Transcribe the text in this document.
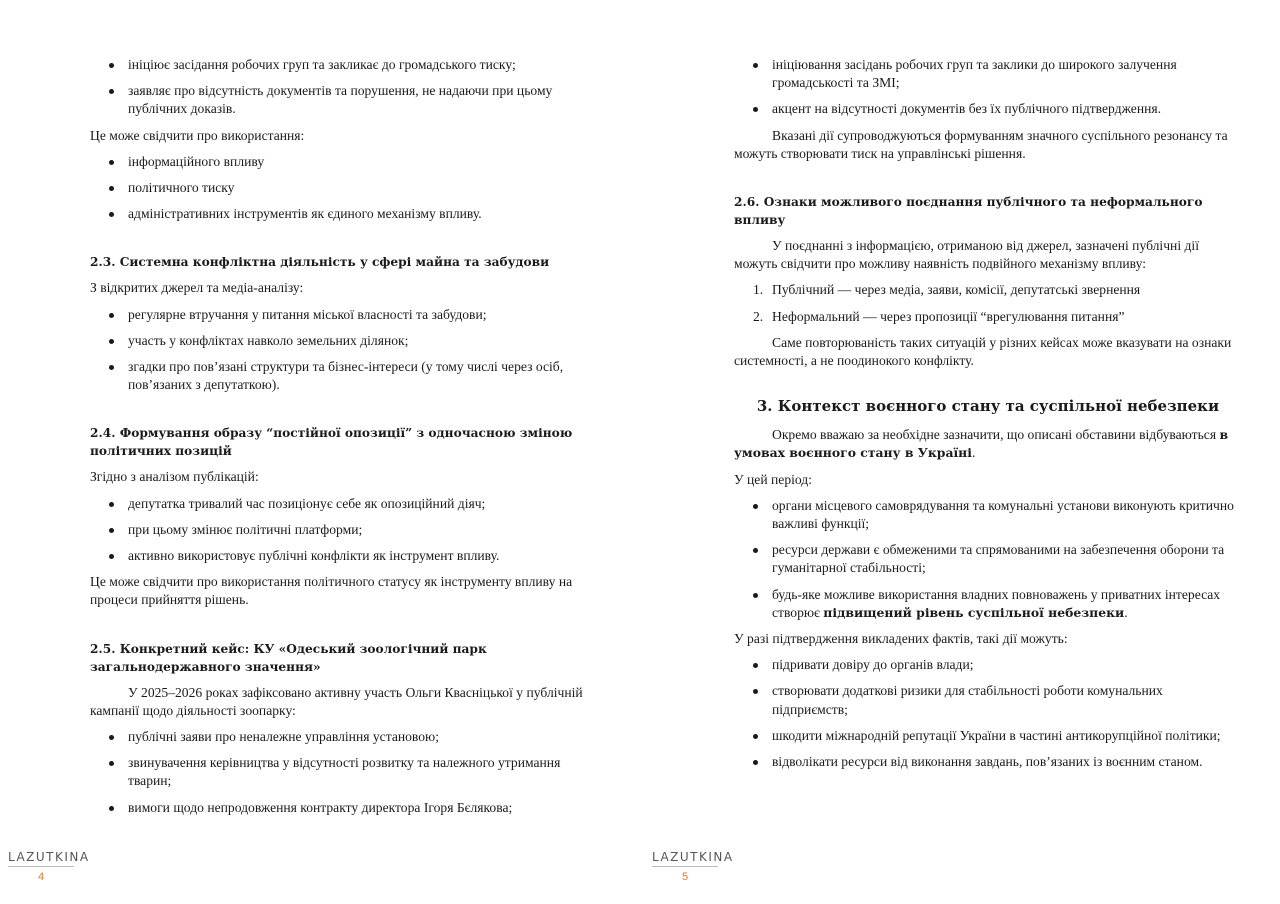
ініціює засідання робочих груп та закликає до громадського тиску;
заявляє про відсутність документів та порушення, не надаючи при цьому публічних доказів.

Це може свідчити про використання:

інформаційного впливу
політичного тиску
адміністративних інструментів як єдиного механізму впливу.
2.3. Системна конфліктна діяльність у сфері майна та забудови

З відкритих джерел та медіа-аналізу:

регулярне втручання у питання міської власності та забудови;
участь у конфліктах навколо земельних ділянок;
згадки про пов’язані структури та бізнес-інтереси (у тому числі через осіб, пов’язаних з депутаткою).
2.4. Формування образу “постійної опозиції” з одночасною зміною політичних позицій

Згідно з аналізом публікацій:

депутатка тривалий час позиціонує себе як опозиційний діяч;
при цьому змінює політичні платформи;
активно використовує публічні конфлікти як інструмент впливу.

Це може свідчити про використання політичного статусу як інструменту впливу на процеси прийняття рішень.

2.5. Конкретний кейс: КУ «Одеський зоологічний парк загальнодержавного значення»

У 2025–2026 роках зафіксовано активну участь Ольги Квасніцької у публічній кампанії щодо діяльності зоопарку:

публічні заяви про неналежне управління установою;
звинувачення керівництва у відсутності розвитку та належного утримання тварин;
вимоги щодо непродовження контракту директора Ігоря Бєлякова;
LAZUTKINA
4
ініціювання засідань робочих груп та заклики до широкого залучення громадськості та ЗМІ;
акцент на відсутності документів без їх публічного підтвердження.

Вказані дії супроводжуються формуванням значного суспільного резонансу та можуть створювати тиск на управлінські рішення.

2.6. Ознаки можливого поєднання публічного та неформального впливу

У поєднанні з інформацією, отриманою від джерел, зазначені публічні дії можуть свідчити про можливу наявність подвійного механізму впливу:

1. Публічний — через медіа, заяви, комісії, депутатські звернення
2. Неформальний — через пропозиції “врегулювання питання”

Саме повторюваність таких ситуацій у різних кейсах може вказувати на ознаки системності, а не поодинокого конфлікту.

3. Контекст воєнного стану та суспільної небезпеки

Окремо вважаю за необхідне зазначити, що описані обставини відбуваються в умовах воєнного стану в Україні.

У цей період:

органи місцевого самоврядування та комунальні установи виконують критично важливі функції;
ресурси держави є обмеженими та спрямованими на забезпечення оборони та гуманітарної стабільності;
будь-яке можливе використання владних повноважень у приватних інтересах створює підвищений рівень суспільної небезпеки.

У разі підтвердження викладених фактів, такі дії можуть:

підривати довіру до органів влади;
створювати додаткові ризики для стабільності роботи комунальних підприємств;
шкодити міжнародній репутації України в частині антикорупційної політики;
відволікати ресурси від виконання завдань, пов’язаних із воєнним станом.
LAZUTKINA
5
